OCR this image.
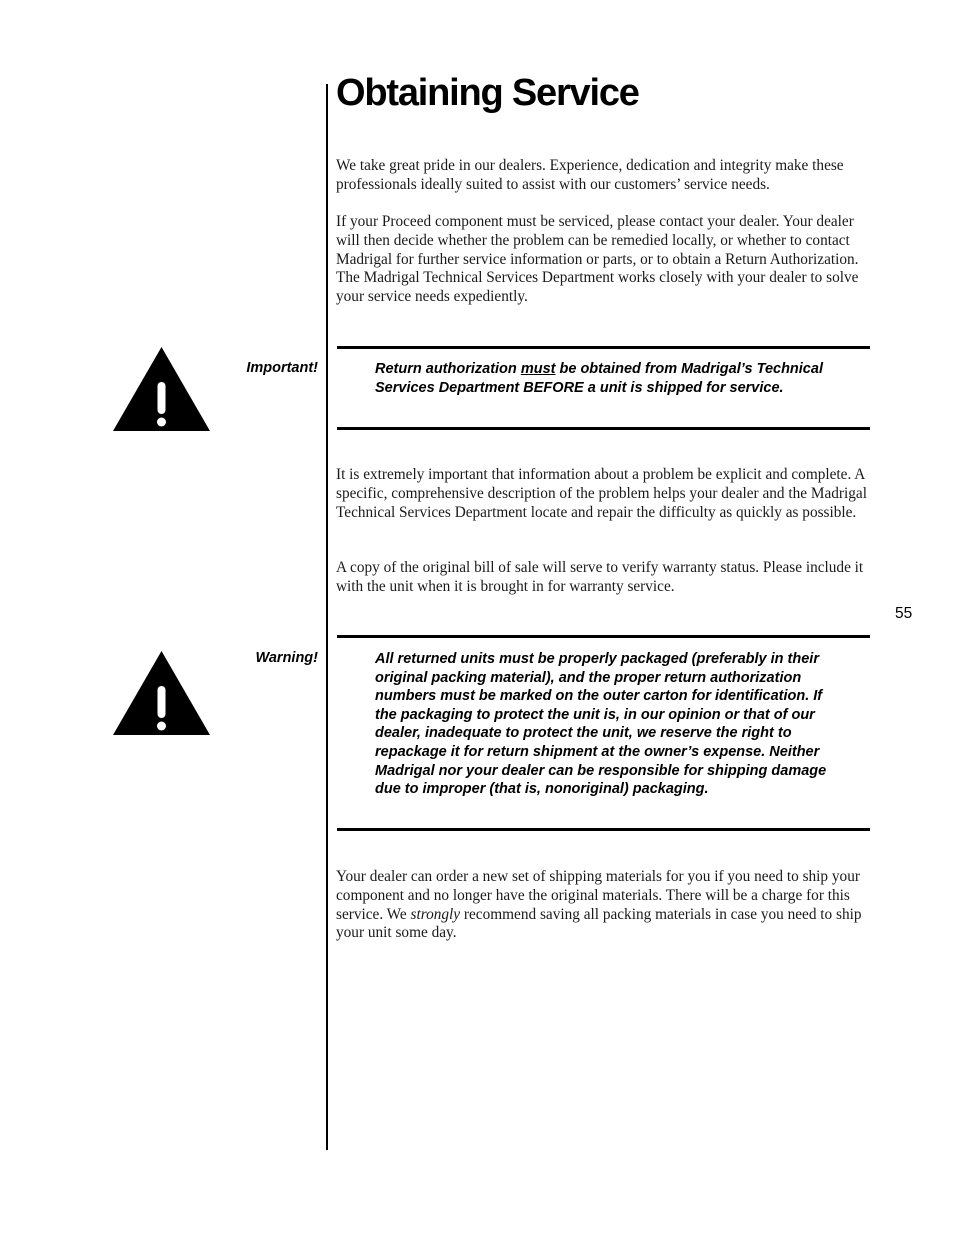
Obtaining Service

We take great pride in our dealers. Experience, dedication and integrity make these professionals ideally suited to assist with our customers’ service needs.

If your Proceed component must be serviced, please contact your dealer. Your dealer will then decide whether the problem can be remedied locally, or whether to contact Madrigal for further service information or parts, or to obtain a Return Authorization. The Madrigal Technical Services Department works closely with your dealer to solve your service needs expediently.

Important!	Return authorization must be obtained from Madrigal’s Technical Services Department BEFORE a unit is shipped for service.

It is extremely important that information about a problem be explicit and complete. A specific, comprehensive description of the problem helps your dealer and the Madrigal Technical Services Department locate and repair the difficulty as quickly as possible.

A copy of the original bill of sale will serve to verify warranty status. Please include it with the unit when it is brought in for warranty service.

55
Warning!	All returned units must be properly packaged (preferably in their original packing material), and the proper return authorization numbers must be marked on the outer carton for identification. If the packaging to protect the unit is, in our opinion or that of our dealer, inadequate to protect the unit, we reserve the right to repackage it for return shipment at the owner’s expense. Neither Madrigal nor your dealer can be responsible for shipping damage due to improper (that is, nonoriginal) packaging.

Your dealer can order a new set of shipping materials for you if you need to ship your component and no longer have the original materials. There will be a charge for this service. We strongly recommend saving all packing materials in case you need to ship your unit some day.
